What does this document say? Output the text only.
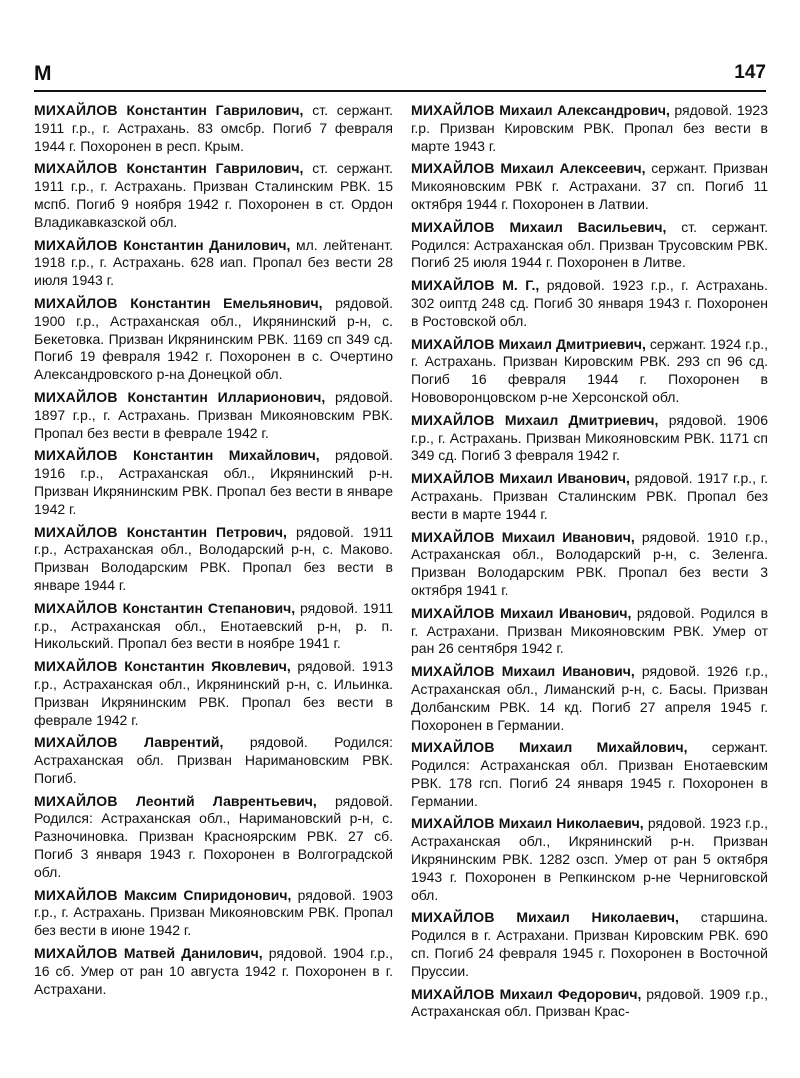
М	147

МИХАЙЛОВ Константин Гаврилович, ст. сержант. 1911 г.р., г. Астрахань. 83 омсбр. Погиб 7 февраля 1944 г. Похоронен в респ. Крым.

МИХАЙЛОВ Константин Гаврилович, ст. сержант. 1911 г.р., г. Астрахань. Призван Сталинским РВК. 15 мспб. Погиб 9 ноября 1942 г. Похоронен в ст. Ордон Владикавказской обл.

МИХАЙЛОВ Константин Данилович, мл. лейтенант. 1918 г.р., г. Астрахань. 628 иап. Пропал без вести 28 июля 1943 г.

МИХАЙЛОВ Константин Емельянович, рядовой. 1900 г.р., Астраханская обл., Икрянинский р-н, с. Бекетовка. Призван Икрянинским РВК. 1169 сп 349 сд. Погиб 19 февраля 1942 г. Похоронен в с. Очертино Александровского р-на Донецкой обл.

МИХАЙЛОВ Константин Илларионович, рядовой. 1897 г.р., г. Астрахань. Призван Микояновским РВК. Пропал без вести в феврале 1942 г.

МИХАЙЛОВ Константин Михайлович, рядовой. 1916 г.р., Астраханская обл., Икрянинский р-н. Призван Икрянинским РВК. Пропал без вести в январе 1942 г.

МИХАЙЛОВ Константин Петрович, рядовой. 1911 г.р., Астраханская обл., Володарский р-н, с. Маково. Призван Володарским РВК. Пропал без вести в январе 1944 г.

МИХАЙЛОВ Константин Степанович, рядовой. 1911 г.р., Астраханская обл., Енотаевский р-н, р. п. Никольский. Пропал без вести в ноябре 1941 г.

МИХАЙЛОВ Константин Яковлевич, рядовой. 1913 г.р., Астраханская обл., Икрянинский р-н, с. Ильинка. Призван Икрянинским РВК. Пропал без вести в феврале 1942 г.

МИХАЙЛОВ Лаврентий, рядовой. Родился: Астраханская обл. Призван Наримановским РВК. Погиб.

МИХАЙЛОВ Леонтий Лаврентьевич, рядовой. Родился: Астраханская обл., Наримановский р-н, с. Разночиновка. Призван Красноярским РВК. 27 сб. Погиб 3 января 1943 г. Похоронен в Волгоградской обл.

МИХАЙЛОВ Максим Спиридонович, рядовой. 1903 г.р., г. Астрахань. Призван Микояновским РВК. Пропал без вести в июне 1942 г.

МИХАЙЛОВ Матвей Данилович, рядовой. 1904 г.р., 16 сб. Умер от ран 10 августа 1942 г. Похоронен в г. Астрахани.

МИХАЙЛОВ Михаил Александрович, рядовой. 1923 г.р. Призван Кировским РВК. Пропал без вести в марте 1943 г.

МИХАЙЛОВ Михаил Алексеевич, сержант. Призван Микояновским РВК г. Астрахани. 37 сп. Погиб 11 октября 1944 г. Похоронен в Латвии.

МИХАЙЛОВ Михаил Васильевич, ст. сержант. Родился: Астраханская обл. Призван Трусовским РВК. Погиб 25 июля 1944 г. Похоронен в Литве.

МИХАЙЛОВ М. Г., рядовой. 1923 г.р., г. Астрахань. 302 оиптд 248 сд. Погиб 30 января 1943 г. Похоронен в Ростовской обл.

МИХАЙЛОВ Михаил Дмитриевич, сержант. 1924 г.р., г. Астрахань. Призван Кировским РВК. 293 сп 96 сд. Погиб 16 февраля 1944 г. Похоронен в Нововоронцовском р-не Херсонской обл.

МИХАЙЛОВ Михаил Дмитриевич, рядовой. 1906 г.р., г. Астрахань. Призван Микояновским РВК. 1171 сп 349 сд. Погиб 3 февраля 1942 г.

МИХАЙЛОВ Михаил Иванович, рядовой. 1917 г.р., г. Астрахань. Призван Сталинским РВК. Пропал без вести в марте 1944 г.

МИХАЙЛОВ Михаил Иванович, рядовой. 1910 г.р., Астраханская обл., Володарский р-н, с. Зеленга. Призван Володарским РВК. Пропал без вести 3 октября 1941 г.

МИХАЙЛОВ Михаил Иванович, рядовой. Родился в г. Астрахани. Призван Микояновским РВК. Умер от ран 26 сентября 1942 г.

МИХАЙЛОВ Михаил Иванович, рядовой. 1926 г.р., Астраханская обл., Лиманский р-н, с. Басы. Призван Долбанским РВК. 14 кд. Погиб 27 апреля 1945 г. Похоронен в Германии.

МИХАЙЛОВ Михаил Михайлович, сержант. Родился: Астраханская обл. Призван Енотаевским РВК. 178 гсп. Погиб 24 января 1945 г. Похоронен в Германии.

МИХАЙЛОВ Михаил Николаевич, рядовой. 1923 г.р., Астраханская обл., Икрянинский р-н. Призван Икрянинским РВК. 1282 озсп. Умер от ран 5 октября 1943 г. Похоронен в Репкинском р-не Черниговской обл.

МИХАЙЛОВ Михаил Николаевич, старшина. Родился в г. Астрахани. Призван Кировским РВК. 690 сп. Погиб 24 февраля 1945 г. Похоронен в Восточной Пруссии.

МИХАЙЛОВ Михаил Федорович, рядовой. 1909 г.р., Астраханская обл. Призван Крас-
